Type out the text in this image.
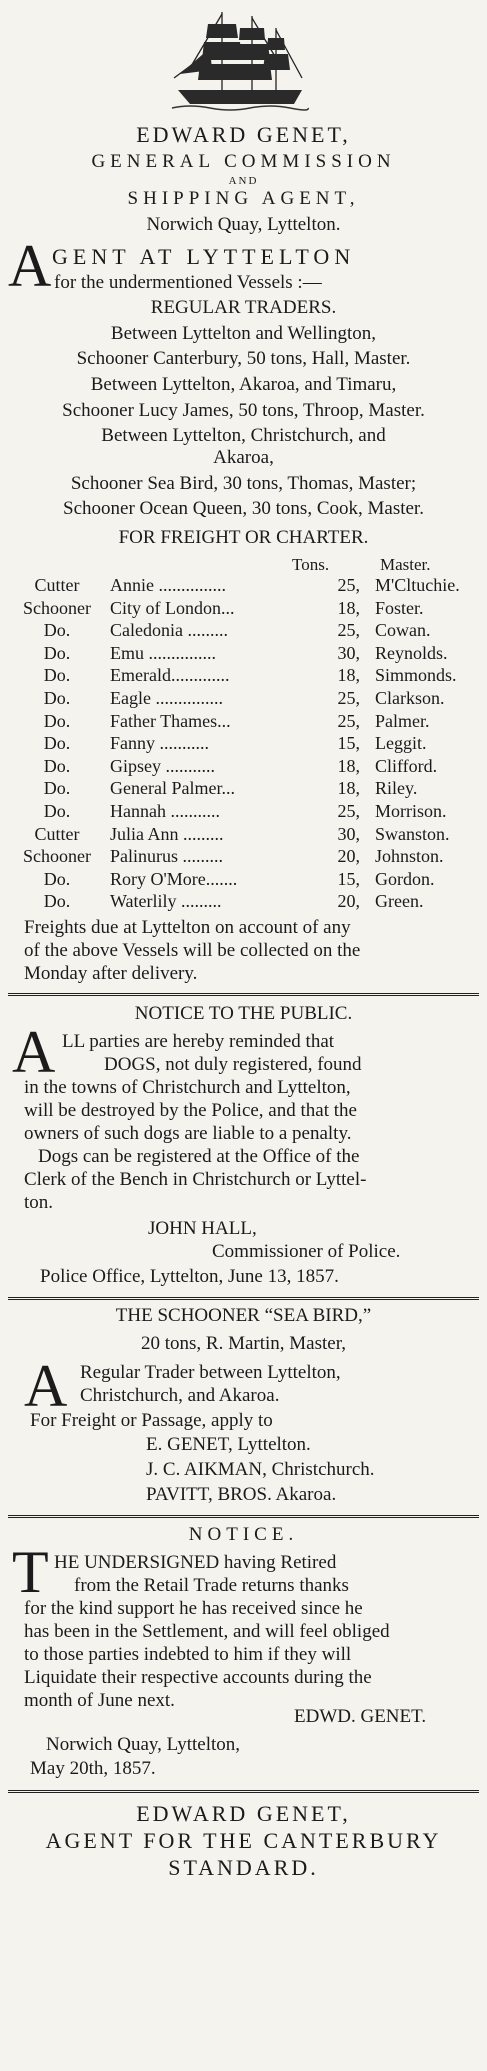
EDWARD GENET,
GENERAL COMMISSION
AND
SHIPPING AGENT,
Norwich Quay, Lyttelton.
A GENT AT LYTTELTON
for the undermentioned Vessels :—
REGULAR TRADERS.
Between Lyttelton and Wellington,
Schooner Canterbury, 50 tons, Hall, Master.
Between Lyttelton, Akaroa, and Timaru,
Schooner Lucy James, 50 tons, Throop, Master.
Between Lyttelton, Christchurch, and
Akaroa,
Schooner Sea Bird, 30 tons, Thomas, Master;
Schooner Ocean Queen, 30 tons, Cook, Master.
FOR FREIGHT OR CHARTER.
Tons.	Master.
Cutter	Annie ...............	25, M'Cltuchie.
Schooner	City of London...	18, Foster.
Do.	Caledonia .........	25, Cowan.
Do.	Emu ...............	30, Reynolds.
Do.	Emerald.............	18, Simmonds.
Do.	Eagle ...............	25, Clarkson.
Do.	Father Thames...	25, Palmer.
Do.	Fanny ...........	15, Leggit.
Do.	Gipsey ...........	18, Clifford.
Do.	General Palmer...	18, Riley.
Do.	Hannah ...........	25, Morrison.
Cutter	Julia Ann .........	30, Swanston.
Schooner	Palinurus .........	20, Johnston.
Do.	Rory O'More.......	15, Gordon.
Do.	Waterlily .........	20, Green.
Freights due at Lyttelton on account of any
of the above Vessels will be collected on the
Monday after delivery.
NOTICE TO THE PUBLIC.
A LL parties are hereby reminded that
DOGS, not duly registered, found
in the towns of Christchurch and Lyttelton,
will be destroyed by the Police, and that the
owners of such dogs are liable to a penalty.
Dogs can be registered at the Office of the
Clerk of the Bench in Christchurch or Lyttel-
ton.
JOHN HALL,
Commissioner of Police.
Police Office, Lyttelton, June 13, 1857.
THE SCHOONER “SEA BIRD,”
20 tons, R. Martin, Master,
A Regular Trader between Lyttelton,
Christchurch, and Akaroa.
For Freight or Passage, apply to
E. GENET, Lyttelton.
J. C. AIKMAN, Christchurch.
PAVITT, BROS. Akaroa.
NOTICE.
T HE UNDERSIGNED having Retired
from the Retail Trade returns thanks
for the kind support he has received since he
has been in the Settlement, and will feel obliged
to those parties indebted to him if they will
Liquidate their respective accounts during the
month of June next.
EDWD. GENET.
Norwich Quay, Lyttelton,
May 20th, 1857.
EDWARD GENET,
AGENT FOR THE CANTERBURY
STANDARD.
